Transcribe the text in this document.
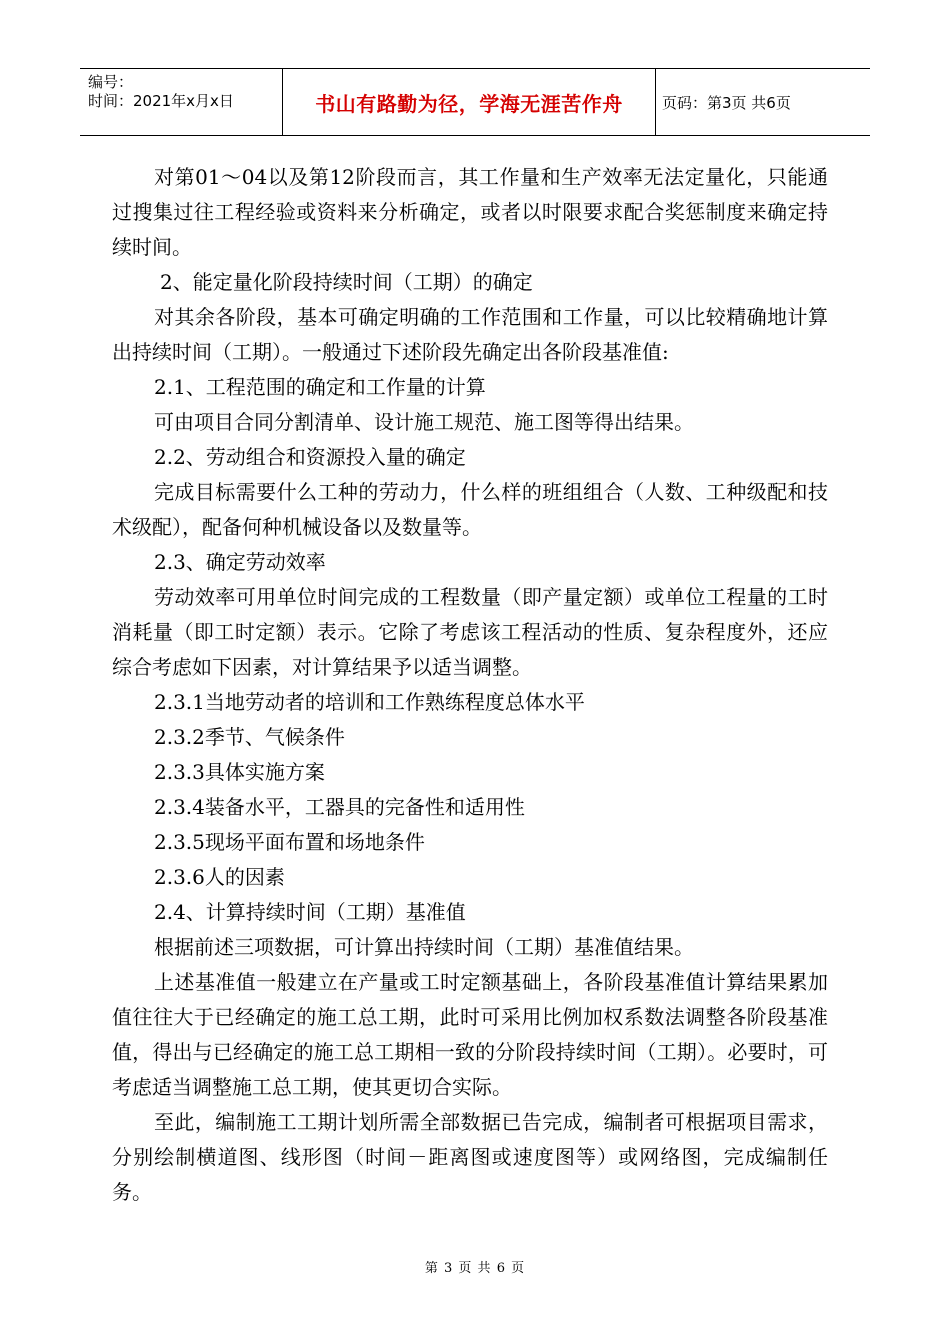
编号：
时间：2021年x月x日	书山有路勤为径，学海无涯苦作舟	页码：第3页 共6页

对第01～04以及第12阶段而言，其工作量和生产效率无法定量化，只能通过搜集过往工程经验或资料来分析确定，或者以时限要求配合奖惩制度来确定持续时间。

2、能定量化阶段持续时间（工期）的确定

对其余各阶段，基本可确定明确的工作范围和工作量，可以比较精确地计算出持续时间（工期）。一般通过下述阶段先确定出各阶段基准值:

2.1、工程范围的确定和工作量的计算

可由项目合同分割清单、设计施工规范、施工图等得出结果。

2.2、劳动组合和资源投入量的确定

完成目标需要什么工种的劳动力，什么样的班组组合（人数、工种级配和技术级配），配备何种机械设备以及数量等。

2.3、确定劳动效率

劳动效率可用单位时间完成的工程数量（即产量定额）或单位工程量的工时消耗量（即工时定额）表示。它除了考虑该工程活动的性质、复杂程度外，还应综合考虑如下因素，对计算结果予以适当调整。

2.3.1当地劳动者的培训和工作熟练程度总体水平

2.3.2季节、气候条件

2.3.3具体实施方案

2.3.4装备水平，工器具的完备性和适用性

2.3.5现场平面布置和场地条件

2.3.6人的因素

2.4、计算持续时间（工期）基准值

根据前述三项数据，可计算出持续时间（工期）基准值结果。

上述基准值一般建立在产量或工时定额基础上，各阶段基准值计算结果累加值往往大于已经确定的施工总工期，此时可采用比例加权系数法调整各阶段基准值，得出与已经确定的施工总工期相一致的分阶段持续时间（工期）。必要时，可考虑适当调整施工总工期，使其更切合实际。

至此，编制施工工期计划所需全部数据已告完成，编制者可根据项目需求，分别绘制横道图、线形图（时间－距离图或速度图等）或网络图，完成编制任务。

第 3 页 共 6 页
